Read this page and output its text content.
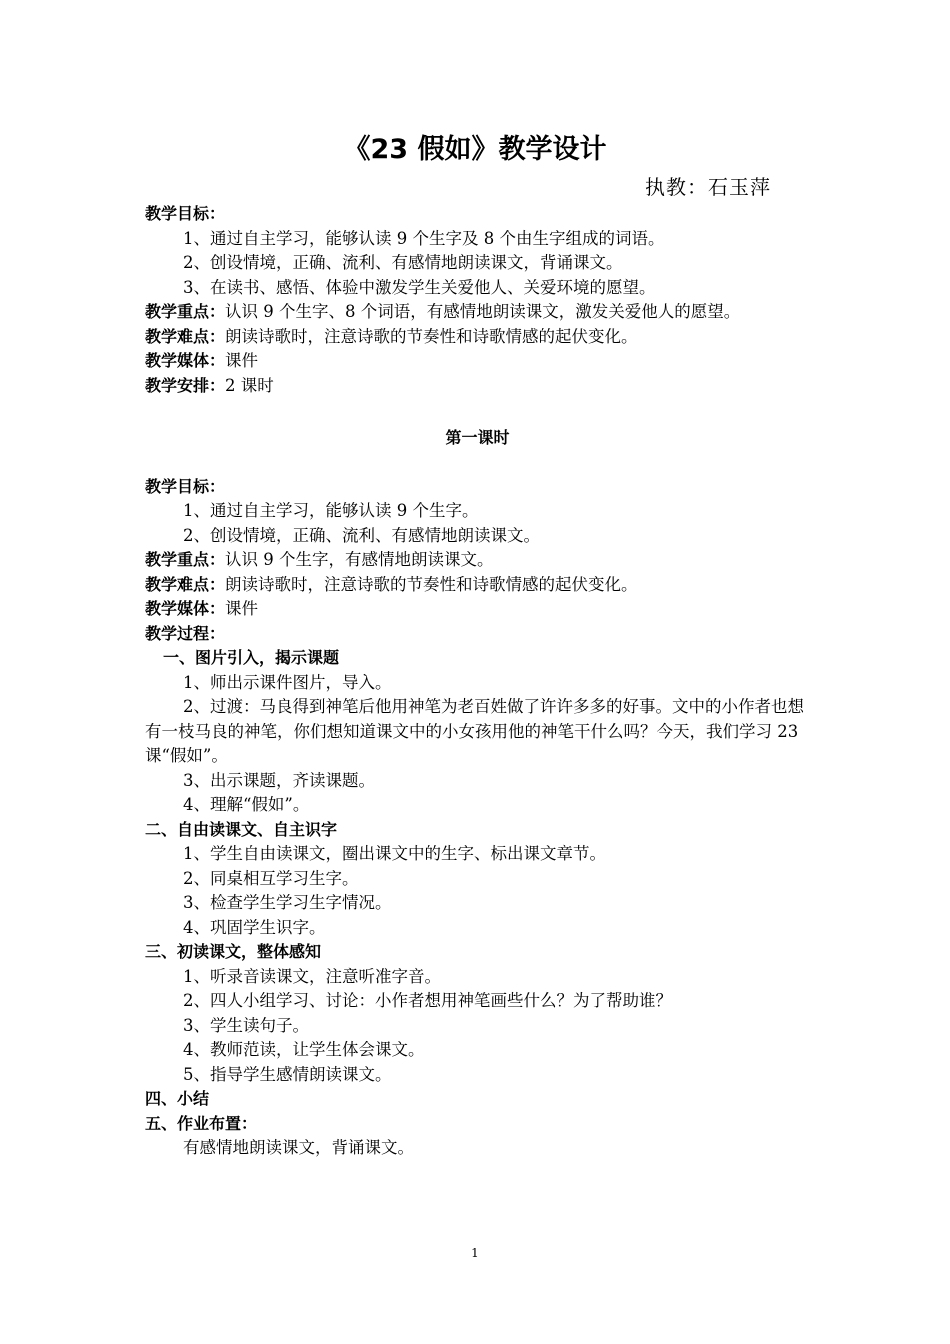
《23 假如》教学设计
执教：石玉萍
教学目标：
1、通过自主学习，能够认读 9 个生字及 8 个由生字组成的词语。
2、创设情境，正确、流利、有感情地朗读课文，背诵课文。
3、在读书、感悟、体验中激发学生关爱他人、关爱环境的愿望。
教学重点：认识 9 个生字、8 个词语，有感情地朗读课文，激发关爱他人的愿望。
教学难点：朗读诗歌时，注意诗歌的节奏性和诗歌情感的起伏变化。
教学媒体：课件
教学安排：2 课时
第一课时
教学目标：
1、通过自主学习，能够认读 9 个生字。
2、创设情境，正确、流利、有感情地朗读课文。
教学重点：认识 9 个生字，有感情地朗读课文。
教学难点：朗读诗歌时，注意诗歌的节奏性和诗歌情感的起伏变化。
教学媒体：课件
教学过程：
一、图片引入，揭示课题
1、师出示课件图片，导入。
2、过渡：马良得到神笔后他用神笔为老百姓做了许许多多的好事。文中的小作者也想有一枝马良的神笔，你们想知道课文中的小女孩用他的神笔干什么吗？今天，我们学习 23 课“假如”。
3、出示课题，齐读课题。
4、理解“假如”。
二、自由读课文、自主识字
1、学生自由读课文，圈出课文中的生字、标出课文章节。
2、同桌相互学习生字。
3、检查学生学习生字情况。
4、巩固学生识字。
三、初读课文，整体感知
1、听录音读课文，注意听准字音。
2、四人小组学习、讨论：小作者想用神笔画些什么？为了帮助谁？
3、学生读句子。
4、教师范读，让学生体会课文。
5、指导学生感情朗读课文。
四、小结
五、作业布置：
有感情地朗读课文，背诵课文。
1
